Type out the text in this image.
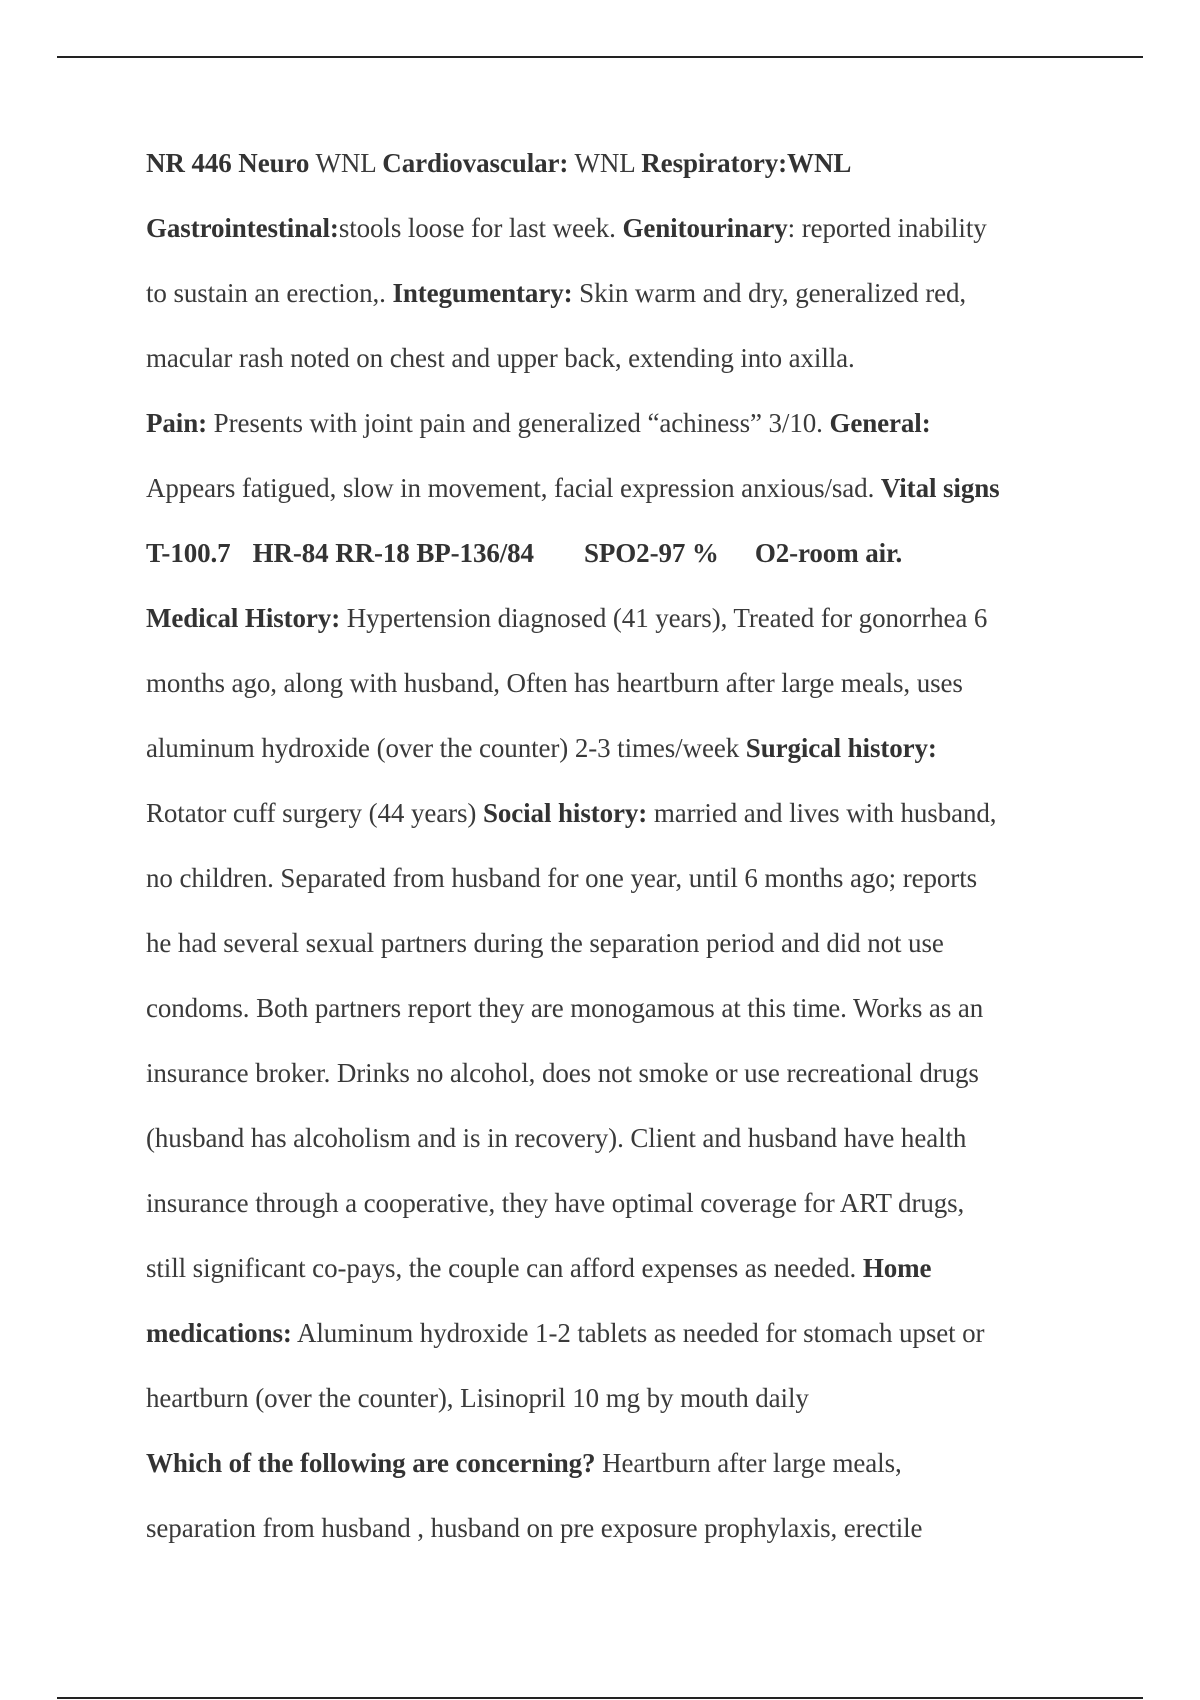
NR 446 Neuro WNL Cardiovascular: WNL Respiratory:WNL
Gastrointestinal:stools loose for last week. Genitourinary: reported inability
to sustain an erection,. Integumentary: Skin warm and dry, generalized red,
macular rash noted on chest and upper back, extending into axilla.
Pain: Presents with joint pain and generalized “achiness” 3/10. General:
Appears fatigued, slow in movement, facial expression anxious/sad. Vital signs
T-100.7 HR-84 RR-18 BP-136/84 SPO2-97 % O2-room air.
Medical History: Hypertension diagnosed (41 years), Treated for gonorrhea 6
months ago, along with husband, Often has heartburn after large meals, uses
aluminum hydroxide (over the counter) 2-3 times/week Surgical history:
Rotator cuff surgery (44 years) Social history: married and lives with husband,
no children. Separated from husband for one year, until 6 months ago; reports
he had several sexual partners during the separation period and did not use
condoms. Both partners report they are monogamous at this time. Works as an
insurance broker. Drinks no alcohol, does not smoke or use recreational drugs
(husband has alcoholism and is in recovery). Client and husband have health
insurance through a cooperative, they have optimal coverage for ART drugs,
still significant co-pays, the couple can afford expenses as needed. Home
medications: Aluminum hydroxide 1-2 tablets as needed for stomach upset or
heartburn (over the counter), Lisinopril 10 mg by mouth daily
Which of the following are concerning? Heartburn after large meals,
separation from husband , husband on pre exposure prophylaxis, erectile
